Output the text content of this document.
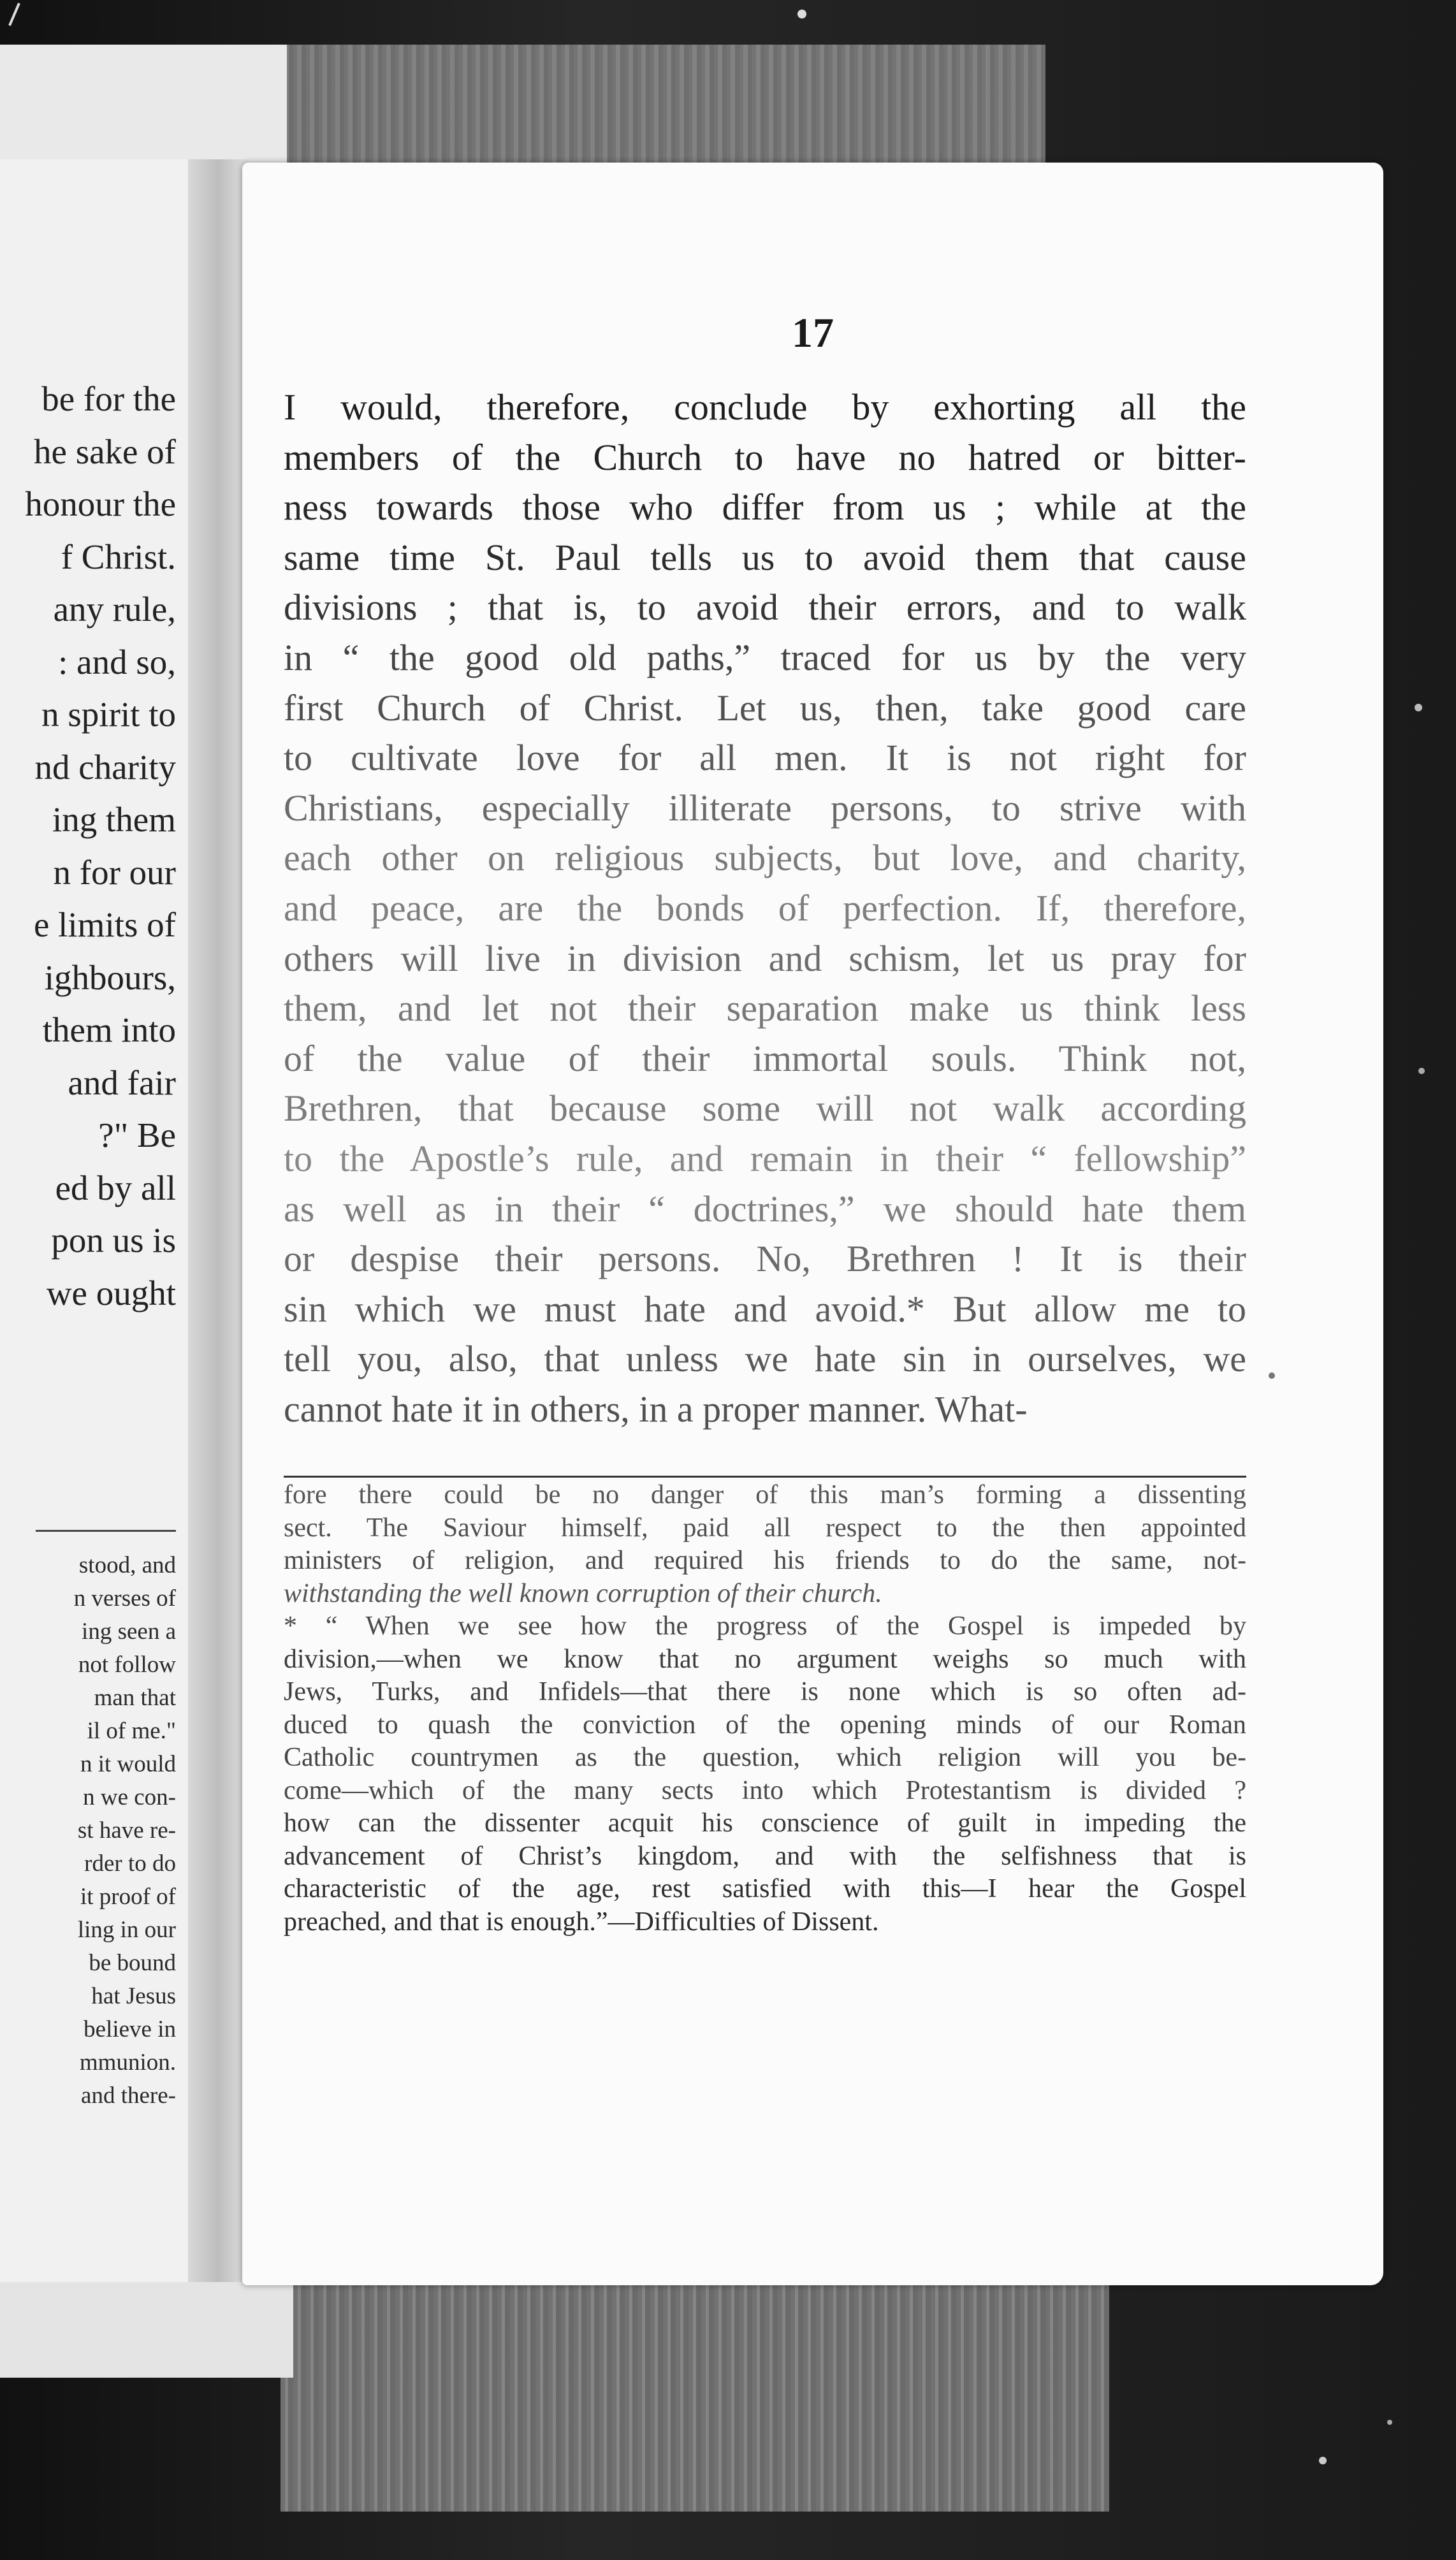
be for the
he sake of
honour the
f Christ.
any rule,
: and so,
n spirit to
nd charity
ing them
n for our
e limits of
ighbours,
them into
and fair
?" Be
ed by all
pon us is
we ought
stood, and
n verses of
ing seen a
not follow
man that
il of me."
n it would
n we con-
st have re-
rder to do
it proof of
ling in our
be bound
hat Jesus
believe in
mmunion.
and there-
17
I would, therefore, conclude by exhorting all the
members of the Church to have no hatred or bitter-
ness towards those who differ from us ; while at the
same time St. Paul tells us to avoid them that cause
divisions ; that is, to avoid their errors, and to walk
in “ the good old paths,” traced for us by the very
first Church of Christ. Let us, then, take good care
to cultivate love for all men. It is not right for
Christians, especially illiterate persons, to strive with
each other on religious subjects, but love, and charity,
and peace, are the bonds of perfection. If, therefore,
others will live in division and schism, let us pray for
them, and let not their separation make us think less
of the value of their immortal souls. Think not,
Brethren, that because some will not walk according
to the Apostle’s rule, and remain in their “ fellowship”
as well as in their “ doctrines,” we should hate them
or despise their persons. No, Brethren ! It is their
sin which we must hate and avoid.* But allow me to
tell you, also, that unless we hate sin in ourselves, we
cannot hate it in others, in a proper manner. What-
fore there could be no danger of this man’s forming a dissenting
sect. The Saviour himself, paid all respect to the then appointed
ministers of religion, and required his friends to do the same, not-
withstanding the well known corruption of their church.
* “ When we see how the progress of the Gospel is impeded by
division,—when we know that no argument weighs so much with
Jews, Turks, and Infidels—that there is none which is so often ad-
duced to quash the conviction of the opening minds of our Roman
Catholic countrymen as the question, which religion will you be-
come—which of the many sects into which Protestantism is divided ?
how can the dissenter acquit his conscience of guilt in impeding the
advancement of Christ’s kingdom, and with the selfishness that is
characteristic of the age, rest satisfied with this—I hear the Gospel
preached, and that is enough.”—Difficulties of Dissent.
